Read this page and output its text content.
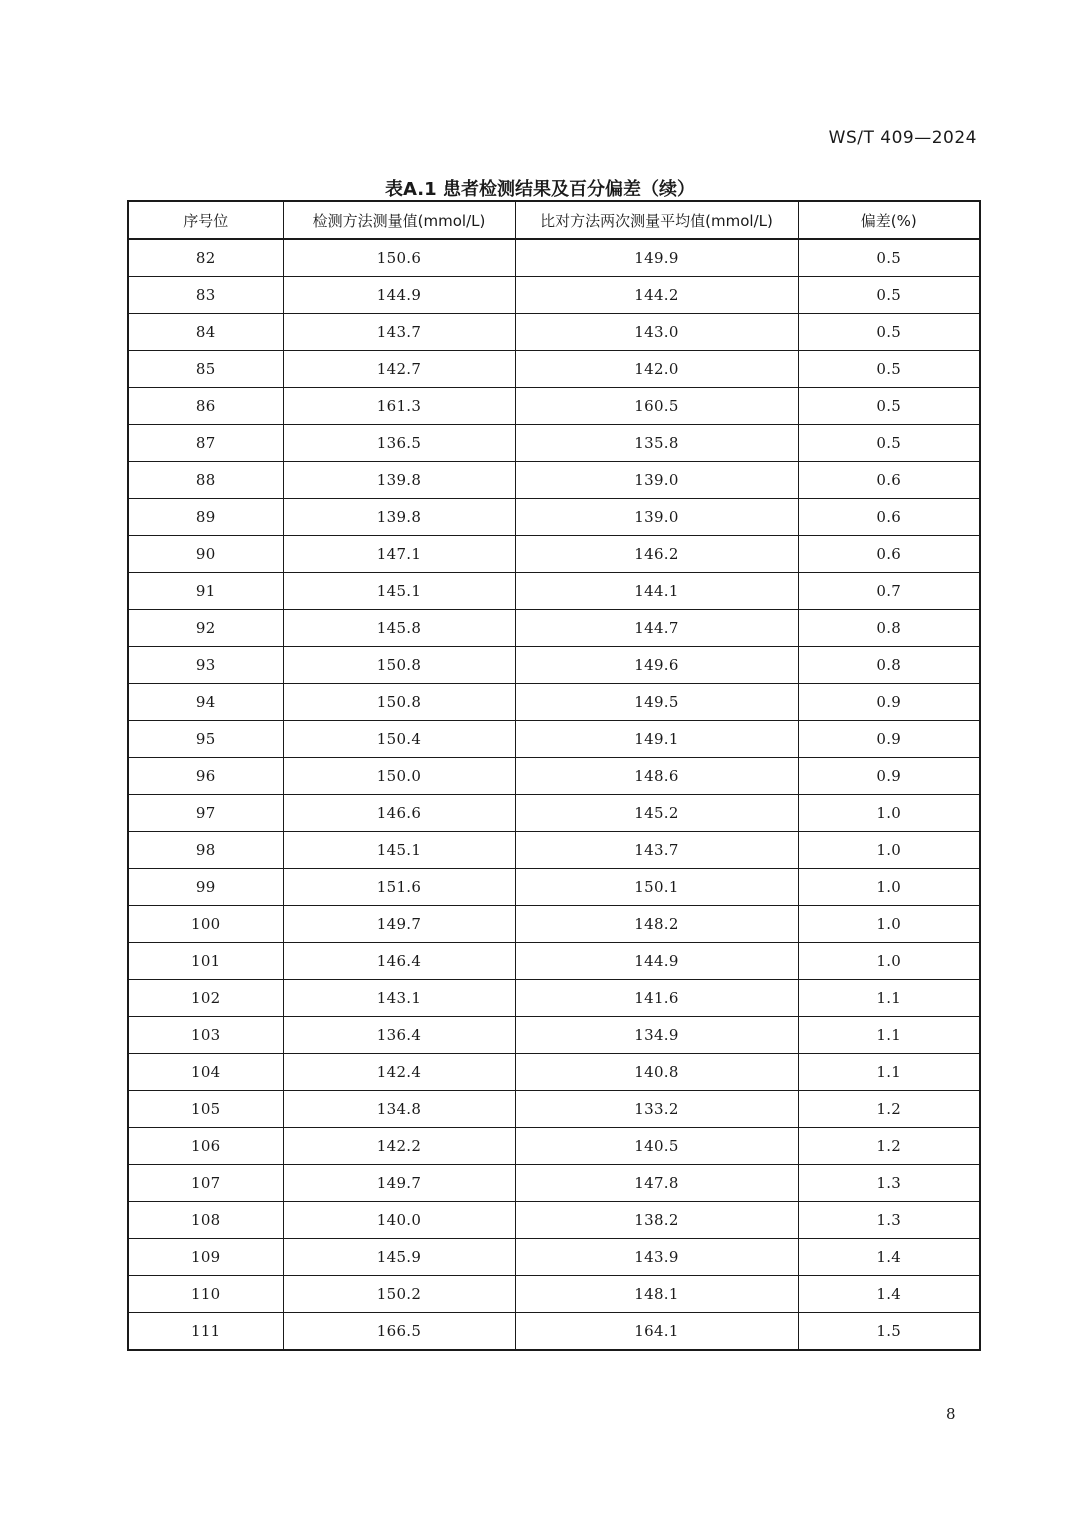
WS/T 409—2024
表A.1 患者检测结果及百分偏差（续）
序号位	检测方法测量值(mmol/L)	比对方法两次测量平均值(mmol/L)	偏差(%)
82	150.6	149.9	0.5
83	144.9	144.2	0.5
84	143.7	143.0	0.5
85	142.7	142.0	0.5
86	161.3	160.5	0.5
87	136.5	135.8	0.5
88	139.8	139.0	0.6
89	139.8	139.0	0.6
90	147.1	146.2	0.6
91	145.1	144.1	0.7
92	145.8	144.7	0.8
93	150.8	149.6	0.8
94	150.8	149.5	0.9
95	150.4	149.1	0.9
96	150.0	148.6	0.9
97	146.6	145.2	1.0
98	145.1	143.7	1.0
99	151.6	150.1	1.0
100	149.7	148.2	1.0
101	146.4	144.9	1.0
102	143.1	141.6	1.1
103	136.4	134.9	1.1
104	142.4	140.8	1.1
105	134.8	133.2	1.2
106	142.2	140.5	1.2
107	149.7	147.8	1.3
108	140.0	138.2	1.3
109	145.9	143.9	1.4
110	150.2	148.1	1.4
111	166.5	164.1	1.5
8
